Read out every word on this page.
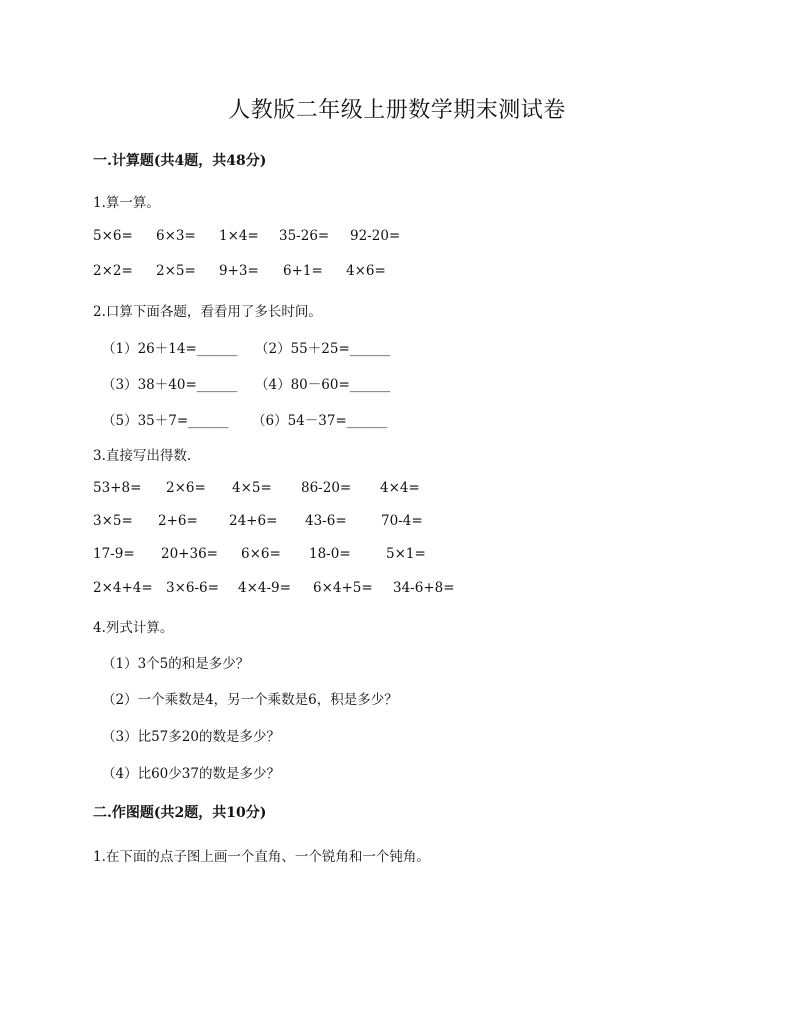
人教版二年级上册数学期末测试卷
一.计算题(共4题，共48分)
1.算一算。
5×6= 6×3= 1×4= 35-26= 92-20=
2×2= 2×5= 9+3= 6+1= 4×6=
2.口算下面各题，看看用了多长时间。
（1）26＋14=______ （2）55＋25=______
（3）38＋40=______ （4）80－60=______
（5）35＋7=______ （6）54－37=______
3.直接写出得数.
53+8= 2×6= 4×5= 86-20= 4×4=
3×5= 2+6= 24+6= 43-6=	70-4=
17-9= 20+36= 6×6= 18-0=	5×1=
2×4+4= 3×6-6= 4×4-9= 6×4+5= 34-6+8=
4.列式计算。
（1）3个5的和是多少？
（2）一个乘数是4，另一个乘数是6，积是多少？
（3）比57多20的数是多少？
（4）比60少37的数是多少？
二.作图题(共2题，共10分)
1.在下面的点子图上画一个直角、一个锐角和一个钝角。
